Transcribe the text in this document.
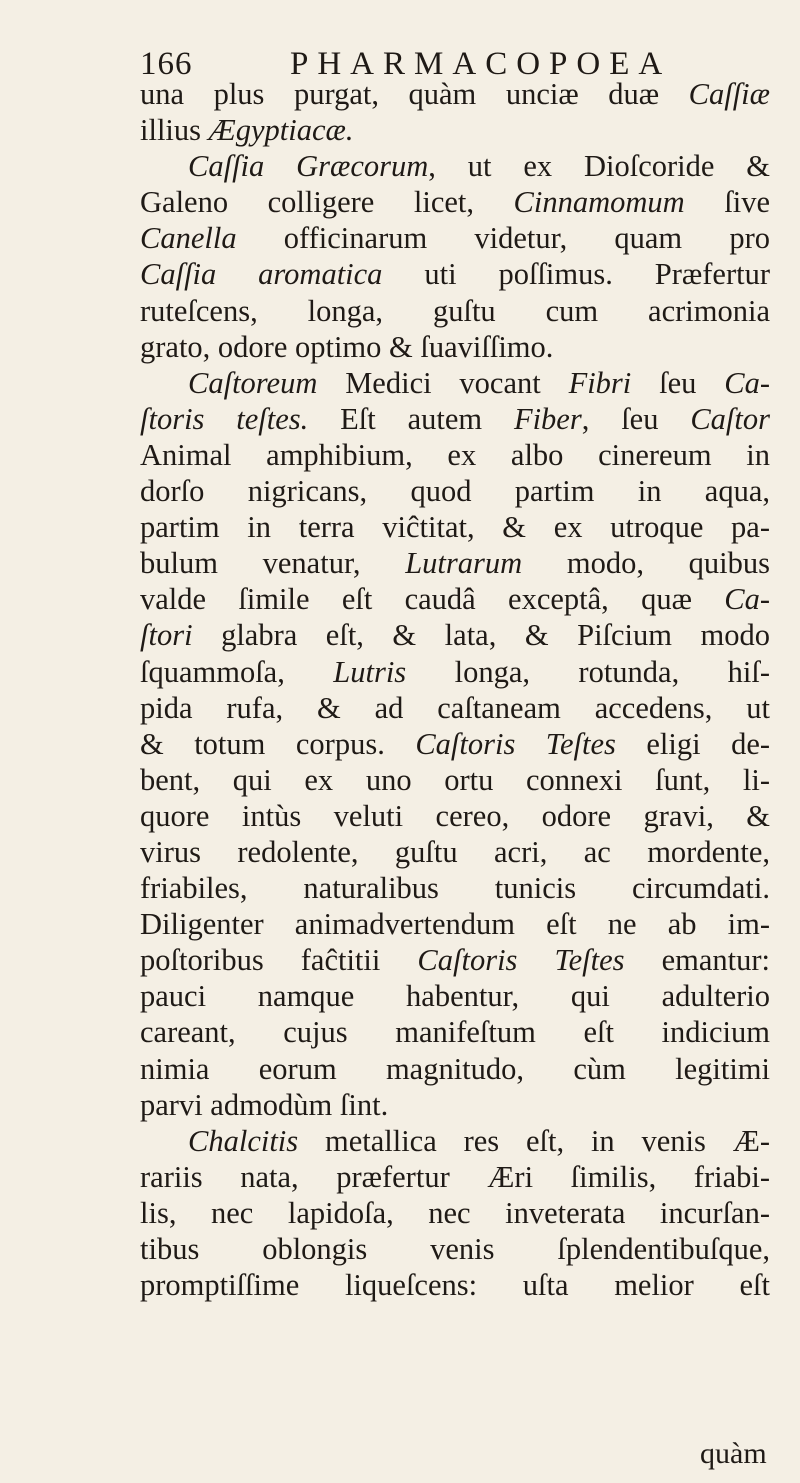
166	PHARMACOPOEA
una plus purgat, quàm unciæ duæ Caſſiæ
illius Ægyptiacæ.
Caſſia Græcorum, ut ex Dioſcoride &
Galeno colligere licet, Cinnamomum ſive
Canella officinarum videtur, quam pro
Caſſia aromatica uti poſſimus. Præfertur
ruteſcens, longa, guſtu cum acrimonia
grato, odore optimo & ſuaviſſimo.
Caſtoreum Medici vocant Fibri ſeu Ca-
ſtoris teſtes. Eſt autem Fiber, ſeu Caſtor
Animal amphibium, ex albo cinereum in
dorſo nigricans, quod partim in aqua,
partim in terra viĉtitat, & ex utroque pa-
bulum venatur, Lutrarum modo, quibus
valde ſimile eſt caudâ exceptâ, quæ Ca-
ſtori glabra eſt, & lata, & Piſcium modo
ſquammoſa, Lutris longa, rotunda, hiſ-
pida rufa, & ad caſtaneam accedens, ut
& totum corpus. Caſtoris Teſtes eligi de-
bent, qui ex uno ortu connexi ſunt, li-
quore intùs veluti cereo, odore gravi, &
virus redolente, guſtu acri, ac mordente,
friabiles, naturalibus tunicis circumdati.
Diligenter animadvertendum eſt ne ab im-
poſtoribus faĉtitii Caſtoris Teſtes emantur:
pauci namque habentur, qui adulterio
careant, cujus manifeſtum eſt indicium
nimia eorum magnitudo, cùm legitimi
parvi admodùm ſint.
Chalcitis metallica res eſt, in venis Æ-
rariis nata, præfertur Æri ſimilis, friabi-
lis, nec lapidoſa, nec inveterata incurſan-
tibus oblongis venis ſplendentibuſque,
promptiſſime liqueſcens: uſta melior eſt
quàm
